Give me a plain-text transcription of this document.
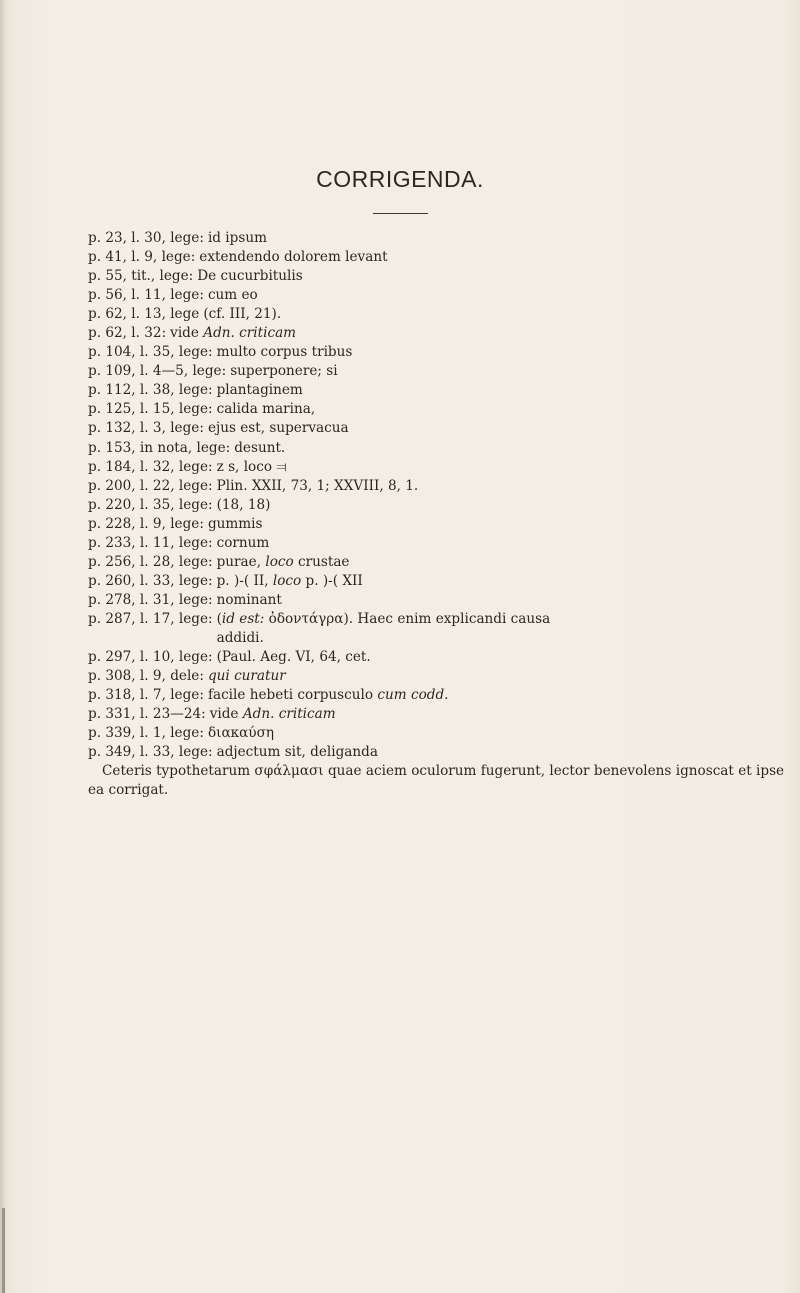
CORRIGENDA.
p. 23, l. 30, lege: id ipsum
p. 41, l. 9, lege: extendendo dolorem levant
p. 55, tit., lege: De cucurbitulis
p. 56, l. 11, lege: cum eo
p. 62, l. 13, lege (cf. III, 21).
p. 62, l. 32: vide Adn. criticam
p. 104, l. 35, lege: multo corpus tribus
p. 109, l. 4—5, lege: superponere; si
p. 112, l. 38, lege: plantaginem
p. 125, l. 15, lege: calida marina,
p. 132, l. 3, lege: ejus est, supervacua
p. 153, in nota, lege: desunt.
p. 184, l. 32, lege: z s, loco ⫤
p. 200, l. 22, lege: Plin. XXII, 73, 1; XXVIII, 8, 1.
p. 220, l. 35, lege: (18, 18)
p. 228, l. 9, lege: gummis
p. 233, l. 11, lege: cornum
p. 256, l. 28, lege: purae, loco crustae
p. 260, l. 33, lege: p. )-( II, loco p. )-( XII
p. 278, l. 31, lege: nominant
p. 287, l. 17, lege: (id est: ὀδοντάγρα). Haec enim explicandi causa
addidi.
p. 297, l. 10, lege: (Paul. Aeg. VI, 64, cet.
p. 308, l. 9, dele: qui curatur
p. 318, l. 7, lege: facile hebeti corpusculo cum codd.
p. 331, l. 23—24: vide Adn. criticam
p. 339, l. 1, lege: διακαύση
p. 349, l. 33, lege: adjectum sit, deliganda

Ceteris typothetarum σφάλμασι quae aciem oculorum fugerunt, lector benevolens ignoscat et ipse ea corrigat.
